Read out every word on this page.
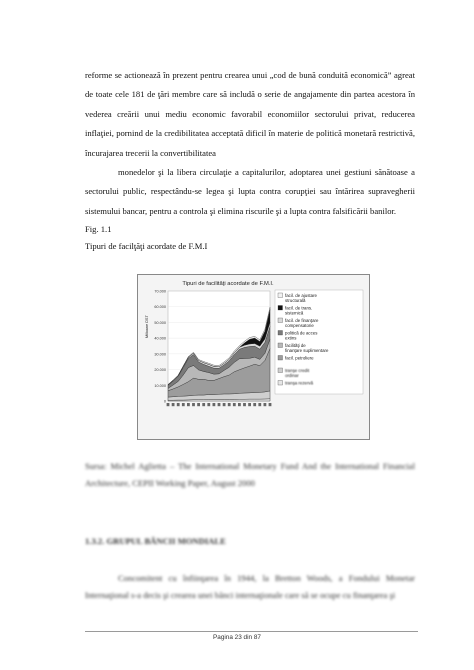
reforme se actionează în prezent pentru crearea unui „cod de bună conduită economică” agreat de toate cele 181 de ţări membre care să includă o serie de angajamente din partea acestora în vederea creării unui mediu economic favorabil economiilor sectorului privat, reducerea inflaţiei, pornind de la credibilitatea acceptată dificil în materie de politică monetară restrictivă, încurajarea trecerii la convertibilitatea

monedelor şi la libera circulaţie a capitalurilor, adoptarea unei gestiuni sănătoase a sectorului public, respectându-se legea şi lupta contra corupţiei sau întărirea supravegherii sistemului bancar, pentru a controla şi elimina riscurile şi a lupta contra falsificării banilor.

Fig. 1.1
Tipuri de facilţăţi acordate de F.M.I
Tipuri de facilităţi acordate de F.M.I.
70.000
60.000
50.000
40.000
30.000
20.000
10.000
0
facil. de ajustare structurală
facil. de trans. sistemică
facil. de finanţare compensatorie
politică de acces extins
facilităţi de finanţare suplimentare
facil. petroliere
tranşe credit ordinar
tranşa rezervă
Milioane DST
Sursa: Michel Aglietta – The International Monetary Fund And the International Financial Architecture, CEPII Working Paper, August 2000
1.3.2. GRUPUL BĂNCII MONDIALE
Concomitent cu înfiinţarea în 1944, la Bretton Woods, a Fondului Monetar Internaţional s-a decis şi crearea unei bănci internaţionale care să se ocupe cu finanţarea şi
Pagina 23 din 87
